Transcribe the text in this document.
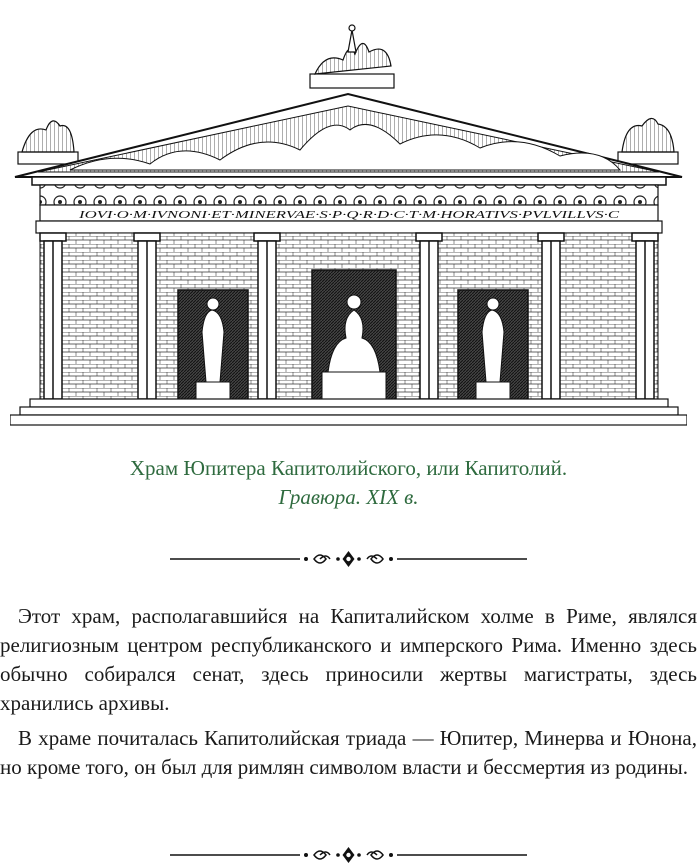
IOVI·O·M·IVNONI·ET·MINERVAE·S·P·Q·R·D·C·T·M·HORATIVS·PVLVILLVS·C
Храм Юпитера Капитолийского, или Капитолий.
Гравюра. XIX в.

Этот храм, располагавшийся на Капиталийском холме в Риме, являлся религиозным центром республиканского и имперского Рима. Именно здесь обычно собирался сенат, здесь приносили жертвы магистраты, здесь хранились архивы.

В храме почиталась Капитолийская триада — Юпитер, Минерва и Юнона, но кроме того, он был для римлян символом власти и бессмертия из родины.
